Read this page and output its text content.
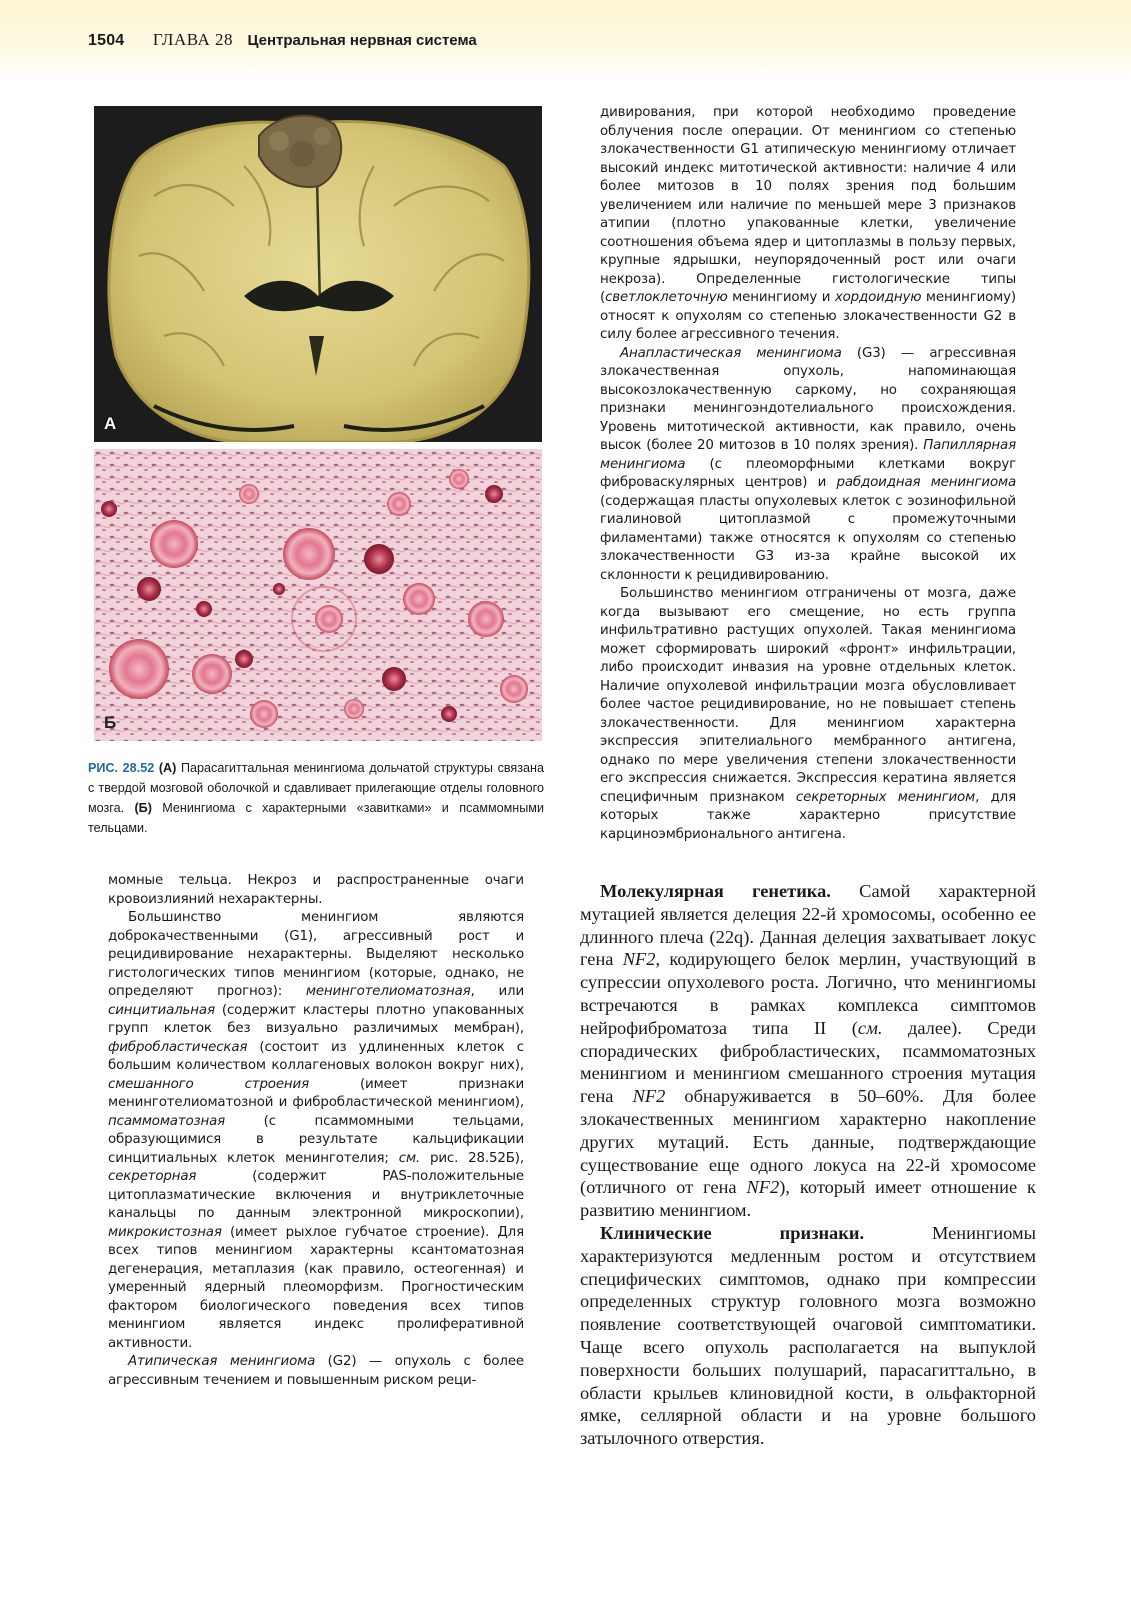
1504 ГЛАВА 28 Центральная нервная система
А
Б
РИС. 28.52 (А) Парасагиттальная менингиома дольчатой структуры связана с твердой мозговой оболочкой и сдавливает прилегающие отделы головного мозга. (Б) Менингиома с характерными «завитками» и псаммомными тельцами.

момные тельца. Некроз и распространенные очаги кровоизлияний нехарактерны.

Большинство менингиом являются доброкачественными (G1), агрессивный рост и рецидивирование нехарактерны. Выделяют несколько гистологических типов менингиом (которые, однако, не определяют прогноз): менинготелиоматозная, или синцитиальная (содержит кластеры плотно упакованных групп клеток без визуально различимых мембран), фибробластическая (состоит из удлиненных клеток с большим количеством коллагеновых волокон вокруг них), смешанного строения (имеет признаки менинготелиоматозной и фибробластической менингиом), псаммоматозная (с псаммомными тельцами, образующимися в результате кальцификации синцитиальных клеток менинготелия; см. рис. 28.52Б), секреторная (содержит PAS-положительные цитоплазматические включения и внутриклеточные канальцы по данным электронной микроскопии), микрокистозная (имеет рыхлое губчатое строение). Для всех типов менингиом характерны ксантоматозная дегенерация, метаплазия (как правило, остеогенная) и умеренный ядерный плеоморфизм. Прогностическим фактором биологического поведения всех типов менингиом является индекс пролиферативной активности.

Атипическая менингиома (G2) — опухоль с более агрессивным течением и повышенным риском реци-

дивирования, при которой необходимо проведение облучения после операции. От менингиом со степенью злокачественности G1 атипическую менингиому отличает высокий индекс митотической активности: наличие 4 или более митозов в 10 полях зрения под большим увеличением или наличие по меньшей мере 3 признаков атипии (плотно упакованные клетки, увеличение соотношения объема ядер и цитоплазмы в пользу первых, крупные ядрышки, неупорядоченный рост или очаги некроза). Определенные гистологические типы (светлоклеточную менингиому и хордоидную менингиому) относят к опухолям со степенью злокачественности G2 в силу более агрессивного течения.

Анапластическая менингиома (G3) — агрессивная злокачественная опухоль, напоминающая высокозлокачественную саркому, но сохраняющая признаки менингоэндотелиального происхождения. Уровень митотической активности, как правило, очень высок (более 20 митозов в 10 полях зрения). Папиллярная менингиома (с плеоморфными клетками вокруг фиброваскулярных центров) и рабдоидная менингиома (содержащая пласты опухолевых клеток с эозинофильной гиалиновой цитоплазмой с промежуточными филаментами) также относятся к опухолям со степенью злокачественности G3 из-за крайне высокой их склонности к рецидивированию.

Большинство менингиом отграничены от мозга, даже когда вызывают его смещение, но есть группа инфильтративно растущих опухолей. Такая менингиома может сформировать широкий «фронт» инфильтрации, либо происходит инвазия на уровне отдельных клеток. Наличие опухолевой инфильтрации мозга обусловливает более частое рецидивирование, но не повышает степень злокачественности. Для менингиом характерна экспрессия эпителиального мембранного антигена, однако по мере увеличения степени злокачественности его экспрессия снижается. Экспрессия кератина является специфичным признаком секреторных менингиом, для которых также характерно присутствие карциноэмбрионального антигена.

Молекулярная генетика. Самой характерной мутацией является делеция 22-й хромосомы, особенно ее длинного плеча (22q). Данная делеция захватывает локус гена NF2, кодирующего белок мерлин, участвующий в супрессии опухолевого роста. Логично, что менингиомы встречаются в рамках комплекса симптомов нейрофиброматоза типа II (см. далее). Среди спорадических фибробластических, псаммоматозных менингиом и менингиом смешанного строения мутация гена NF2 обнаруживается в 50–60%. Для более злокачественных менингиом характерно накопление других мутаций. Есть данные, подтверждающие существование еще одного локуса на 22-й хромосоме (отличного от гена NF2), который имеет отношение к развитию менингиом.

Клинические признаки. Менингиомы характеризуются медленным ростом и отсутствием специфических симптомов, однако при компрессии определенных структур головного мозга возможно появление соответствующей очаговой симптоматики. Чаще всего опухоль располагается на выпуклой поверхности больших полушарий, парасагиттально, в области крыльев клиновидной кости, в ольфакторной ямке, селлярной области и на уровне большого затылочного отверстия.
